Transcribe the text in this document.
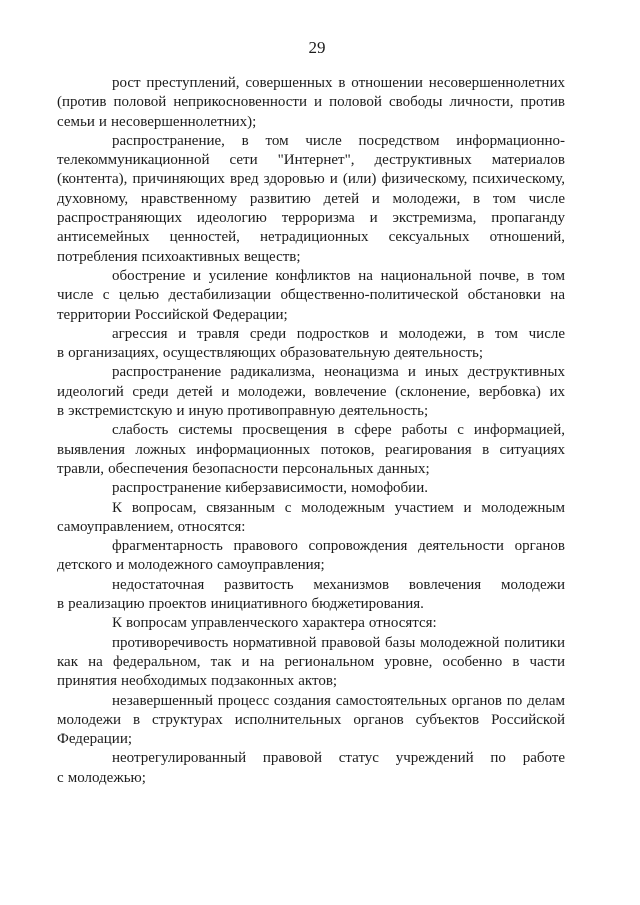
29

рост преступлений, совершенных в отношении несовершеннолетних (против половой неприкосновенности и половой свободы личности, против семьи и несовершеннолетних);

распространение, в том числе посредством информационно-телекоммуникационной сети "Интернет", деструктивных материалов (контента), причиняющих вред здоровью и (или) физическому, психическому, духовному, нравственному развитию детей и молодежи, в том числе распространяющих идеологию терроризма и экстремизма, пропаганду антисемейных ценностей, нетрадиционных сексуальных отношений, потребления психоактивных веществ;

обострение и усиление конфликтов на национальной почве, в том числе с целью дестабилизации общественно-политической обстановки на территории Российской Федерации;

агрессия и травля среди подростков и молодежи, в том числе в организациях, осуществляющих образовательную деятельность;

распространение радикализма, неонацизма и иных деструктивных идеологий среди детей и молодежи, вовлечение (склонение, вербовка) их в экстремистскую и иную противоправную деятельность;

слабость системы просвещения в сфере работы с информацией, выявления ложных информационных потоков, реагирования в ситуациях травли, обеспечения безопасности персональных данных;

распространение киберзависимости, номофобии.

К вопросам, связанным с молодежным участием и молодежным самоуправлением, относятся:

фрагментарность правового сопровождения деятельности органов детского и молодежного самоуправления;

недостаточная развитость механизмов вовлечения молодежи в реализацию проектов инициативного бюджетирования.

К вопросам управленческого характера относятся:

противоречивость нормативной правовой базы молодежной политики как на федеральном, так и на региональном уровне, особенно в части принятия необходимых подзаконных актов;

незавершенный процесс создания самостоятельных органов по делам молодежи в структурах исполнительных органов субъектов Российской Федерации;

неотрегулированный правовой статус учреждений по работе с молодежью;
